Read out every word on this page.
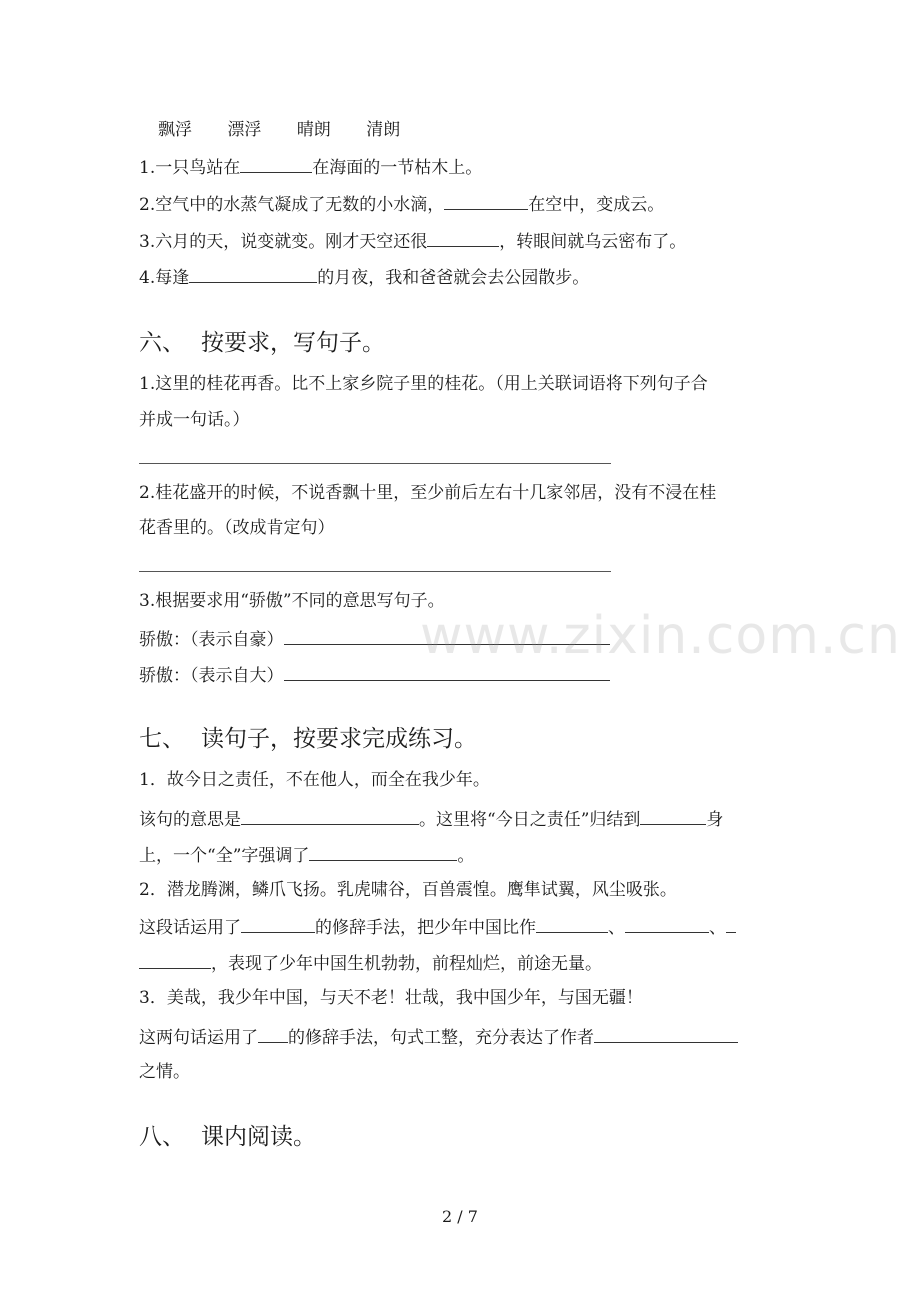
飘浮 漂浮 晴朗 清朗
1.一只鸟站在	在海面的一节枯木上。
2.空气中的水蒸气凝成了无数的小水滴，	在空中，变成云。
3.六月的天，说变就变。刚才天空还很	，转眼间就乌云密布了。
4.每逢	的月夜，我和爸爸就会去公园散步。
六、 按要求，写句子。
1.这里的桂花再香。比不上家乡院子里的桂花。（用上关联词语将下列句子合
并成一句话。）
2.桂花盛开的时候，不说香飘十里，至少前后左右十几家邻居，没有不浸在桂
花香里的。（改成肯定句）
3.根据要求用“骄傲”不同的意思写句子。
骄傲：（表示自豪）
骄傲：（表示自大）
七、 读句子，按要求完成练习。
1．故今日之责任，不在他人，而全在我少年。
该句的意思是	。这里将“今日之责任”归结到	身
上，一个“全”字强调了	。
2．潜龙腾渊，鳞爪飞扬。乳虎啸谷，百兽震惶。鹰隼试翼，风尘吸张。
这段话运用了	的修辞手法，把少年中国比作	、	、
，表现了少年中国生机勃勃，前程灿烂，前途无量。
3．美哉，我少年中国，与天不老！壮哉，我中国少年，与国无疆！
这两句话运用了 的修辞手法，句式工整，充分表达了作者
之情。
八、 课内阅读。
www.zixin.com.cn
2 / 7
